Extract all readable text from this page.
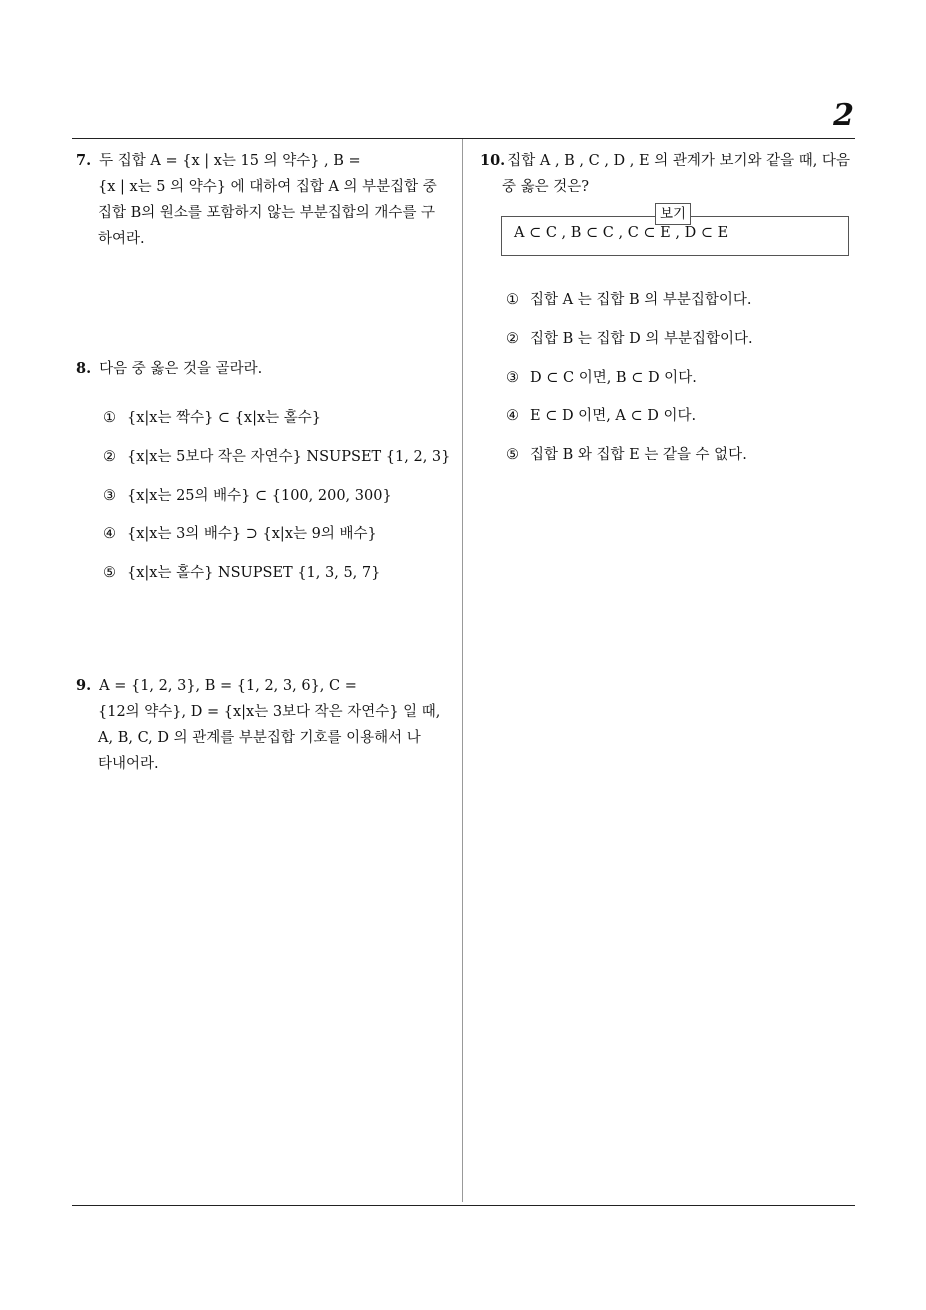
2
7. 두 집합 A = {x | x는 15 의 약수} , B =
{x | x는 5 의 약수} 에 대하여 집합 A 의 부분집합 중
집합 B의 원소를 포함하지 않는 부분집합의 개수를 구
하여라.
8. 다음 중 옳은 것을 골라라.
① {x|x는 짝수} ⊂ {x|x는 홀수}
② {x|x는 5보다 작은 자연수} NSUPSET {1, 2, 3}
③ {x|x는 25의 배수} ⊂ {100, 200, 300}
④ {x|x는 3의 배수} ⊃ {x|x는 9의 배수}
⑤ {x|x는 홀수} NSUPSET {1, 3, 5, 7}
9. A = {1, 2, 3}, B = {1, 2, 3, 6}, C =
{12의 약수}, D = {x|x는 3보다 작은 자연수} 일 때,
A, B, C, D 의 관계를 부분집합 기호를 이용해서 나
타내어라.
10. 집합 A , B , C , D , E 의 관계가 보기와 같을 때, 다음
중 옳은 것은?
보기
A ⊂ C , B ⊂ C , C ⊂ E , D ⊂ E
① 집합 A 는 집합 B 의 부분집합이다.
② 집합 B 는 집합 D 의 부분집합이다.
③ D ⊂ C 이면, B ⊂ D 이다.
④ E ⊂ D 이면, A ⊂ D 이다.
⑤ 집합 B 와 집합 E 는 같을 수 없다.
